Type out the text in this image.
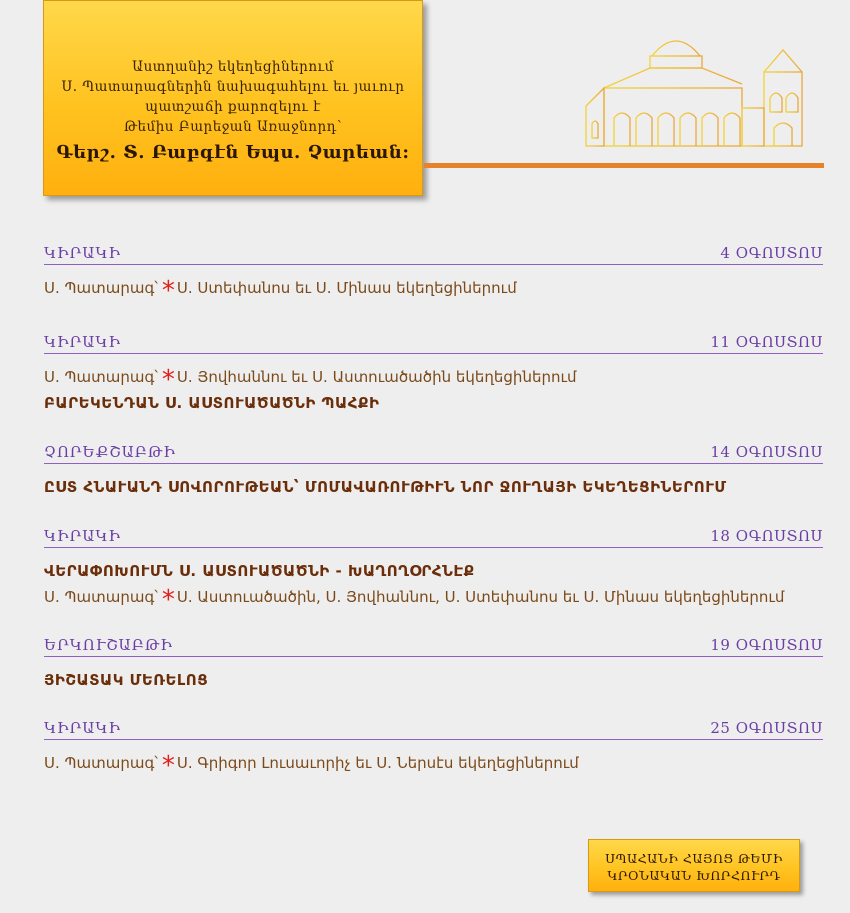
Աստղանիշ եկեղեցիներում
Ս. Պատարագներին նախագահելու եւ յաւուր
պատշաճի քարոզելու է
Թեմիս Բարեջան Առաջնորդ՝
Գերշ. Տ. Բաբգէն Եպս. Չարեան:
ԿԻՐԱԿԻ	4 ՕԳՈՍՏՈՍ
Ս. Պատարագ՝ * Ս. Ստեփանոս եւ Ս. Մինաս եկեղեցիներում
ԿԻՐԱԿԻ	11 ՕԳՈՍՏՈՍ
Ս. Պատարագ՝ * Ս. Յովհաննու եւ Ս. Աստուածածին եկեղեցիներում
ԲԱՐԵԿԵՆԴԱՆ Ս. ԱՍՏՈՒԱԾԱԾՆԻ ՊԱՀՔԻ
ՉՈՐԵՔՇԱԲԹԻ	14 ՕԳՈՍՏՈՍ
ԸՍՏ ՀՆԱՒԱՆԴ ՍՈՎՈՐՈՒԹԵԱՆ՝ ՄՈՄԱՎԱՌՈՒԹԻՒՆ ՆՈՐ ՋՈՒՂԱՅԻ ԵԿԵՂԵՑԻՆԵՐՈՒՄ
ԿԻՐԱԿԻ	18 ՕԳՈՍՏՈՍ
ՎԵՐԱՓՈԽՈՒՄՆ Ս. ԱՍՏՈՒԱԾԱԾՆԻ - ԽԱՂՈՂՕՐՀՆԷՔ
Ս. Պատարագ՝ * Ս. Աստուածածին, Ս. Յովհաննու, Ս. Ստեփանոս եւ Ս. Մինաս եկեղեցիներում
ԵՐԿՈՒՇԱԲԹԻ	19 ՕԳՈՍՏՈՍ
ՅԻՇԱՏԱԿ ՄԵՌԵԼՈՑ
ԿԻՐԱԿԻ	25 ՕԳՈՍՏՈՍ
Ս. Պատարագ՝ * Ս. Գրիգոր Լուսաւորիչ եւ Ս. Ներսէս եկեղեցիներում
ՍՊԱՀԱՆԻ ՀԱՅՈՑ ԹԵՄԻ
ԿՐՕՆԱԿԱՆ ԽՈՐՀՈՒՐԴ
